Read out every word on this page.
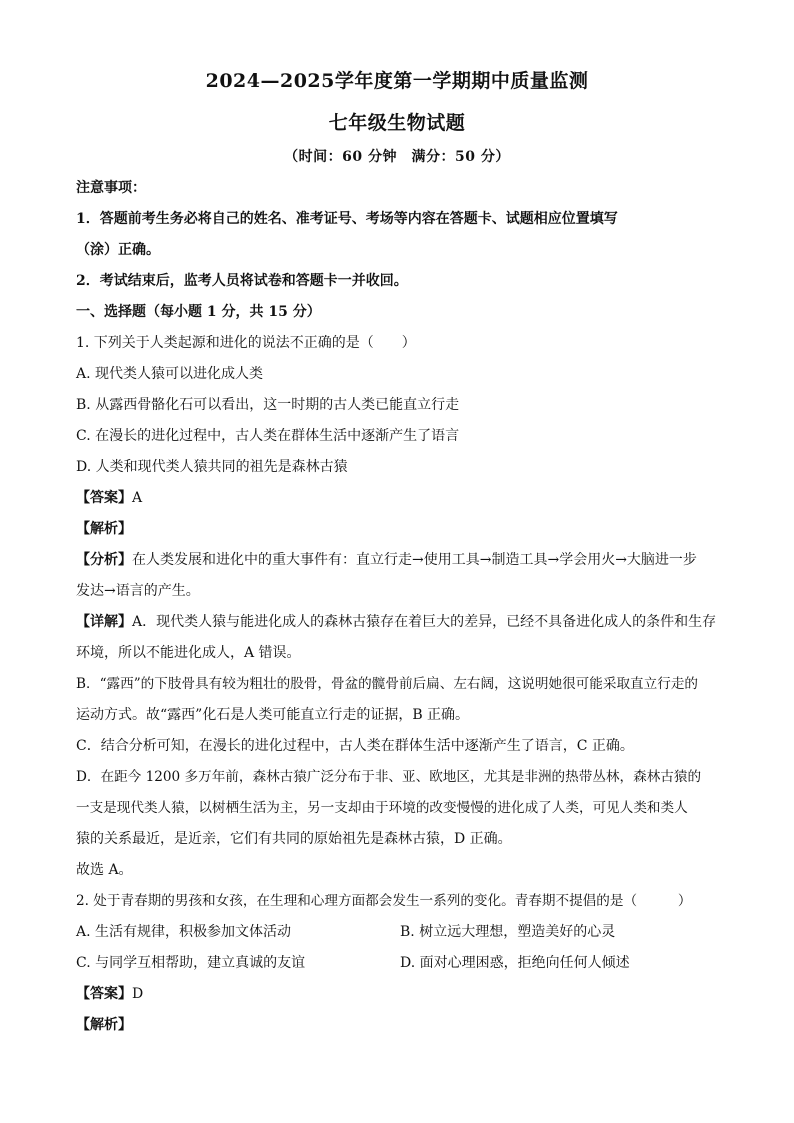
2024—2025学年度第一学期期中质量监测
七年级生物试题
（时间：60 分钟　满分：50 分）
注意事项：
1．答题前考生务必将自己的姓名、准考证号、考场等内容在答题卡、试题相应位置填写
（涂）正确。
2．考试结束后，监考人员将试卷和答题卡一并收回。
一、选择题（每小题 1 分，共 15 分）
1. 下列关于人类起源和进化的说法不正确的是（　　）
A. 现代类人猿可以进化成人类
B. 从露西骨骼化石可以看出，这一时期的古人类已能直立行走
C. 在漫长的进化过程中，古人类在群体生活中逐渐产生了语言
D. 人类和现代类人猿共同的祖先是森林古猿
【答案】A
【解析】
【分析】在人类发展和进化中的重大事件有：直立行走→使用工具→制造工具→学会用火→大脑进一步
发达→语言的产生。
【详解】A．现代类人猿与能进化成人的森林古猿存在着巨大的差异，已经不具备进化成人的条件和生存
环境，所以不能进化成人，A 错误。
B．“露西”的下肢骨具有较为粗壮的股骨，骨盆的髋骨前后扁、左右阔，这说明她很可能采取直立行走的
运动方式。故“露西”化石是人类可能直立行走的证据，B 正确。
C．结合分析可知，在漫长的进化过程中，古人类在群体生活中逐渐产生了语言，C 正确。
D．在距今 1200 多万年前，森林古猿广泛分布于非、亚、欧地区，尤其是非洲的热带丛林，森林古猿的
一支是现代类人猿，以树栖生活为主，另一支却由于环境的改变慢慢的进化成了人类，可见人类和类人
猿的关系最近，是近亲，它们有共同的原始祖先是森林古猿，D 正确。
故选 A。
2. 处于青春期的男孩和女孩，在生理和心理方面都会发生一系列的变化。青春期不提倡的是（　　　）
A. 生活有规律，积极参加文体活动	B. 树立远大理想，塑造美好的心灵
C. 与同学互相帮助，建立真诚的友谊	D. 面对心理困惑，拒绝向任何人倾述
【答案】D
【解析】
